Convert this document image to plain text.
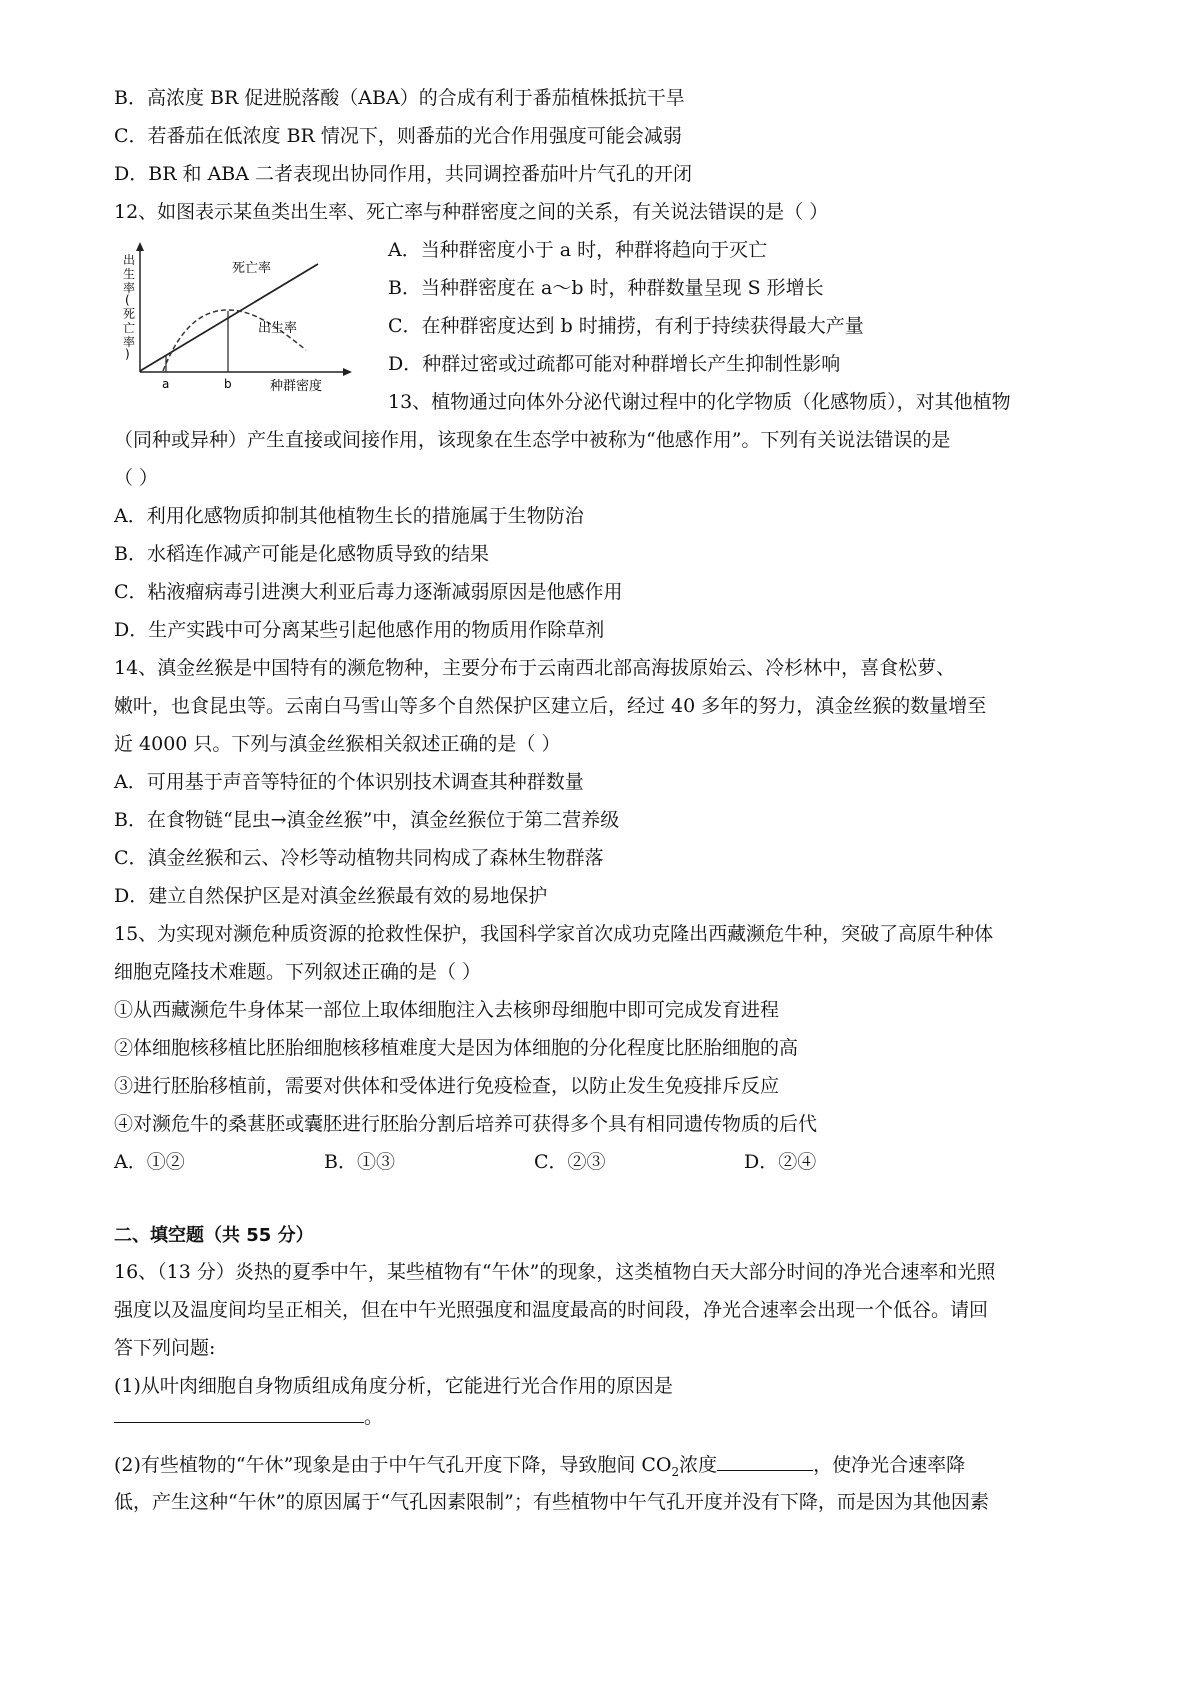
B．高浓度 BR 促进脱落酸（ABA）的合成有利于番茄植株抵抗干旱
C．若番茄在低浓度 BR 情况下，则番茄的光合作用强度可能会减弱
D．BR 和 ABA 二者表现出协同作用，共同调控番茄叶片气孔的开闭
12、如图表示某鱼类出生率、死亡率与种群密度之间的关系，有关说法错误的是（ ）
出
生
率
(
死
亡
率
)
a	b
死亡率
出生率
种群密度
A．当种群密度小于 a 时，种群将趋向于灭亡
B．当种群密度在 a～b 时，种群数量呈现 S 形增长
C．在种群密度达到 b 时捕捞，有利于持续获得最大产量
D．种群过密或过疏都可能对种群增长产生抑制性影响
13、植物通过向体外分泌代谢过程中的化学物质（化感物质），对其他植物
（同种或异种）产生直接或间接作用，该现象在生态学中被称为“他感作用”。下列有关说法错误的是
（ ）
A．利用化感物质抑制其他植物生长的措施属于生物防治
B．水稻连作减产可能是化感物质导致的结果
C．粘液瘤病毒引进澳大利亚后毒力逐渐减弱原因是他感作用
D．生产实践中可分离某些引起他感作用的物质用作除草剂
14、滇金丝猴是中国特有的濒危物种，主要分布于云南西北部高海拔原始云、冷杉林中，喜食松萝、
嫩叶，也食昆虫等。云南白马雪山等多个自然保护区建立后，经过 40 多年的努力，滇金丝猴的数量增至
近 4000 只。下列与滇金丝猴相关叙述正确的是（ ）
A．可用基于声音等特征的个体识别技术调查其种群数量
B．在食物链“昆虫→滇金丝猴”中，滇金丝猴位于第二营养级
C．滇金丝猴和云、冷杉等动植物共同构成了森林生物群落
D．建立自然保护区是对滇金丝猴最有效的易地保护
15、为实现对濒危种质资源的抢救性保护，我国科学家首次成功克隆出西藏濒危牛种，突破了高原牛种体
细胞克隆技术难题。下列叙述正确的是（ ）
①从西藏濒危牛身体某一部位上取体细胞注入去核卵母细胞中即可完成发育进程
②体细胞核移植比胚胎细胞核移植难度大是因为体细胞的分化程度比胚胎细胞的高
③进行胚胎移植前，需要对供体和受体进行免疫检查，以防止发生免疫排斥反应
④对濒危牛的桑葚胚或囊胚进行胚胎分割后培养可获得多个具有相同遗传物质的后代
A．①②	B．①③	C．②③	D．②④
二、填空题（共 55 分）
16、（13 分）炎热的夏季中午，某些植物有“午休”的现象，这类植物白天大部分时间的净光合速率和光照
强度以及温度间均呈正相关，但在中午光照强度和温度最高的时间段，净光合速率会出现一个低谷。请回
答下列问题:
(1)从叶肉细胞自身物质组成角度分析，它能进行光合作用的原因是
。
(2)有些植物的“午休”现象是由于中午气孔开度下降，导致胞间 $CO_2$浓度	，使净光合速率降
低，产生这种“午休”的原因属于“气孔因素限制”；有些植物中午气孔开度并没有下降，而是因为其他因素
